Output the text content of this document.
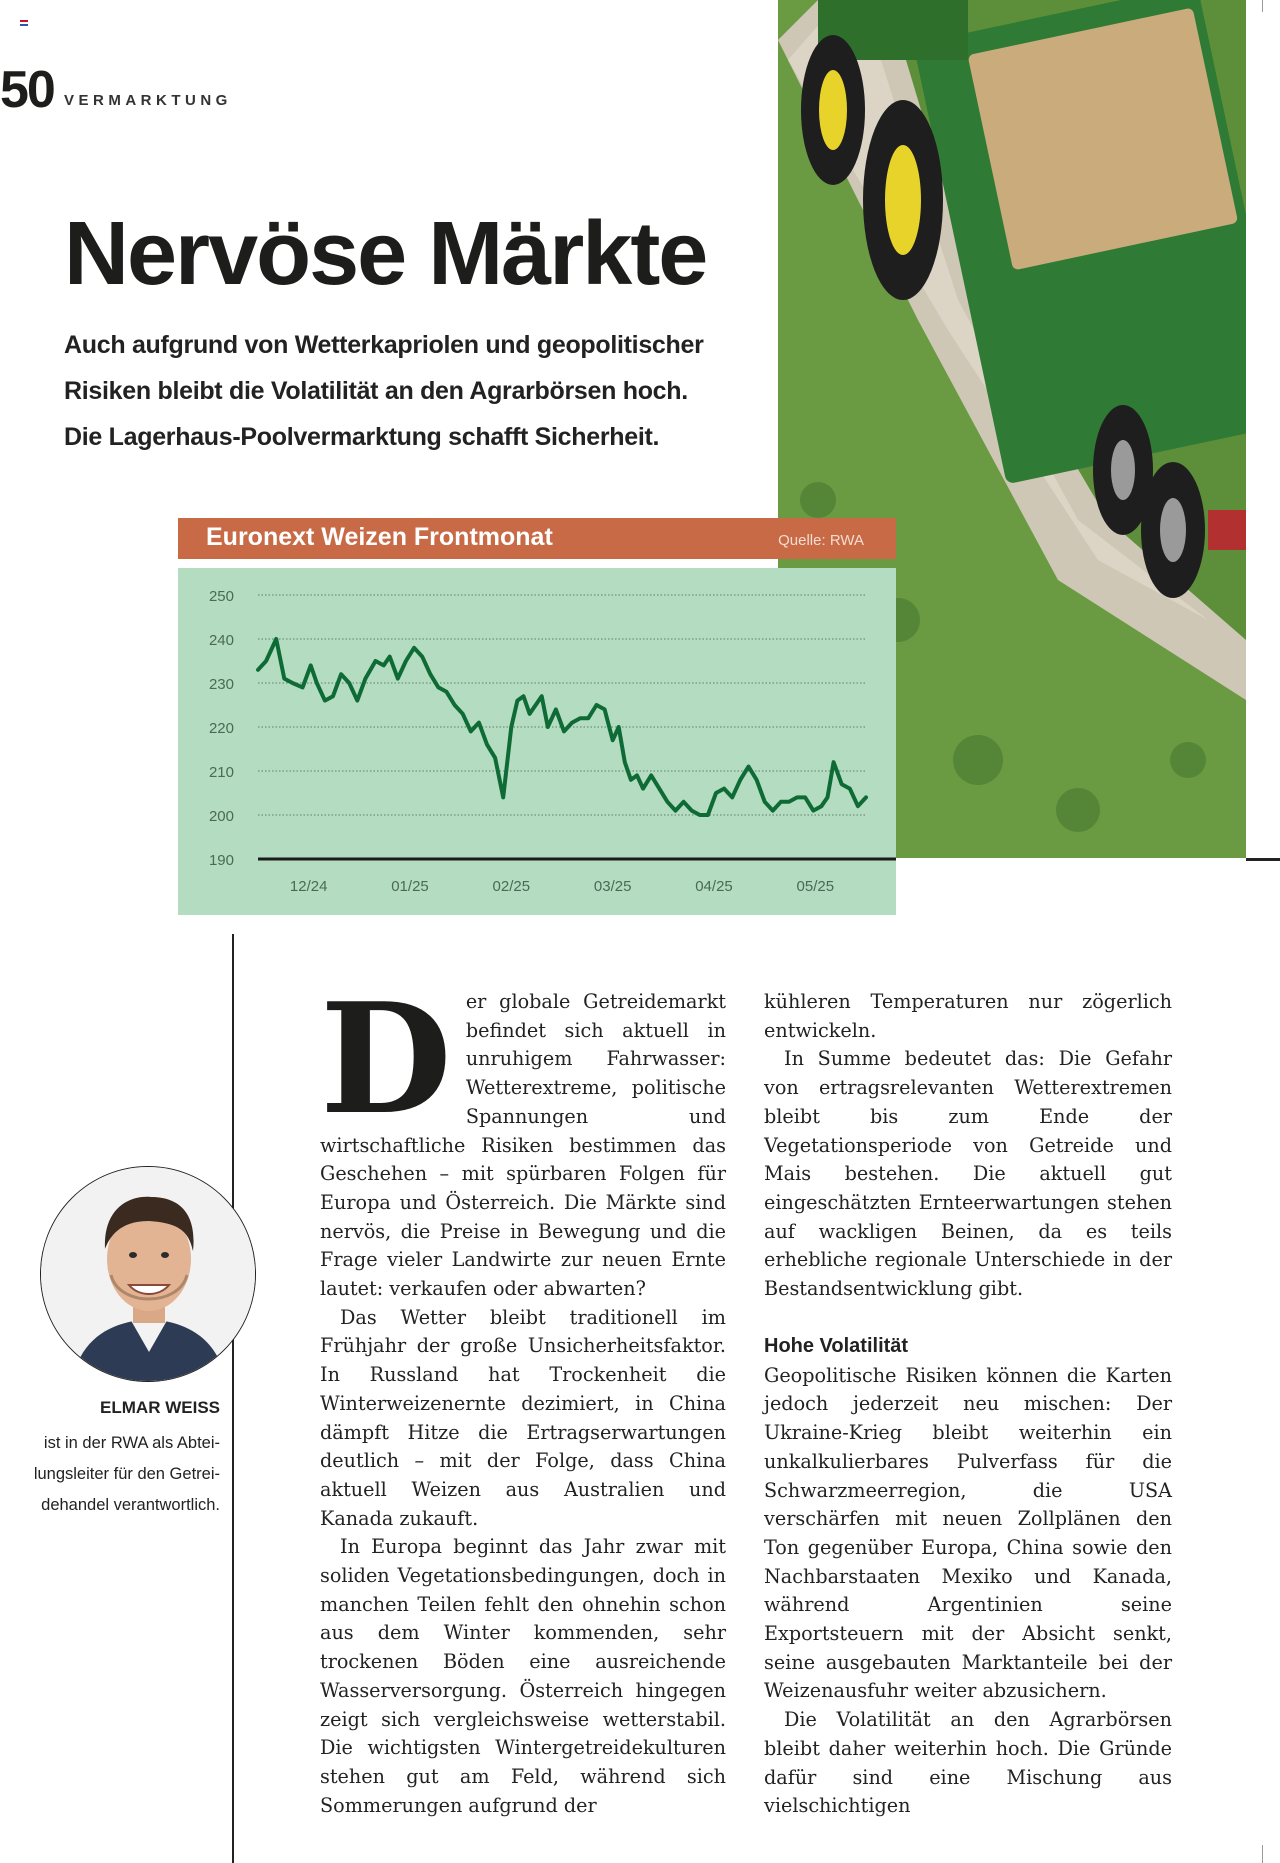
50 VERMARKTUNG
Nervöse Märkte
Auch aufgrund von Wetterkapriolen und geopolitischer
Risiken bleibt die Volatilität an den Agrarbörsen hoch.
Die Lagerhaus-Poolvermarktung schafft Sicherheit.
Euronext Weizen Frontmonat	Quelle: RWA
250
240
230
220
210
200
190
12/24	01/25	02/25	03/25	04/25	05/25
ELMAR WEISS
ist in der RWA als Abtei-
lungsleiter für den Getrei-
dehandel verantwortlich.
D er globale Getreidemarkt befindet sich aktuell in unruhigem Fahrwasser: Wetterextreme, politische Spannungen und wirtschaftliche Risiken bestimmen das Geschehen – mit spürbaren Folgen für Europa und Österreich. Die Märkte sind nervös, die Preise in Bewegung und die Frage vieler Landwirte zur neuen Ernte lautet: verkaufen oder abwarten?

Das Wetter bleibt traditionell im Frühjahr der große Unsicherheitsfaktor. In Russland hat Trockenheit die Winterweizenernte dezimiert, in China dämpft Hitze die Ertragserwartungen deutlich – mit der Folge, dass China aktuell Weizen aus Australien und Kanada zukauft.

In Europa beginnt das Jahr zwar mit soliden Vegetationsbedingungen, doch in manchen Teilen fehlt den ohnehin schon aus dem Winter kommenden, sehr trockenen Böden eine ausreichende Wasserversorgung. Österreich hingegen zeigt sich vergleichsweise wetterstabil. Die wichtigsten Wintergetreidekulturen stehen gut am Feld, während sich Sommerungen aufgrund der

kühleren Temperaturen nur zögerlich entwickeln.

In Summe bedeutet das: Die Gefahr von ertragsrelevanten Wetterextremen bleibt bis zum Ende der Vegetationsperiode von Getreide und Mais bestehen. Die aktuell gut eingeschätzten Ernteerwartungen stehen auf wackligen Beinen, da es teils erhebliche regionale Unterschiede in der Bestandsentwicklung gibt.

Hohe Volatilität

Geopolitische Risiken können die Karten jedoch jederzeit neu mischen: Der Ukraine-Krieg bleibt weiterhin ein unkalkulierbares Pulverfass für die Schwarzmeerregion, die USA verschärfen mit neuen Zollplänen den Ton gegenüber Europa, China sowie den Nachbarstaaten Mexiko und Kanada, während Argentinien seine Exportsteuern mit der Absicht senkt, seine ausgebauten Marktanteile bei der Weizenausfuhr weiter abzusichern.

Die Volatilität an den Agrarbörsen bleibt daher weiterhin hoch. Die Gründe dafür sind eine Mischung aus vielschichtigen
